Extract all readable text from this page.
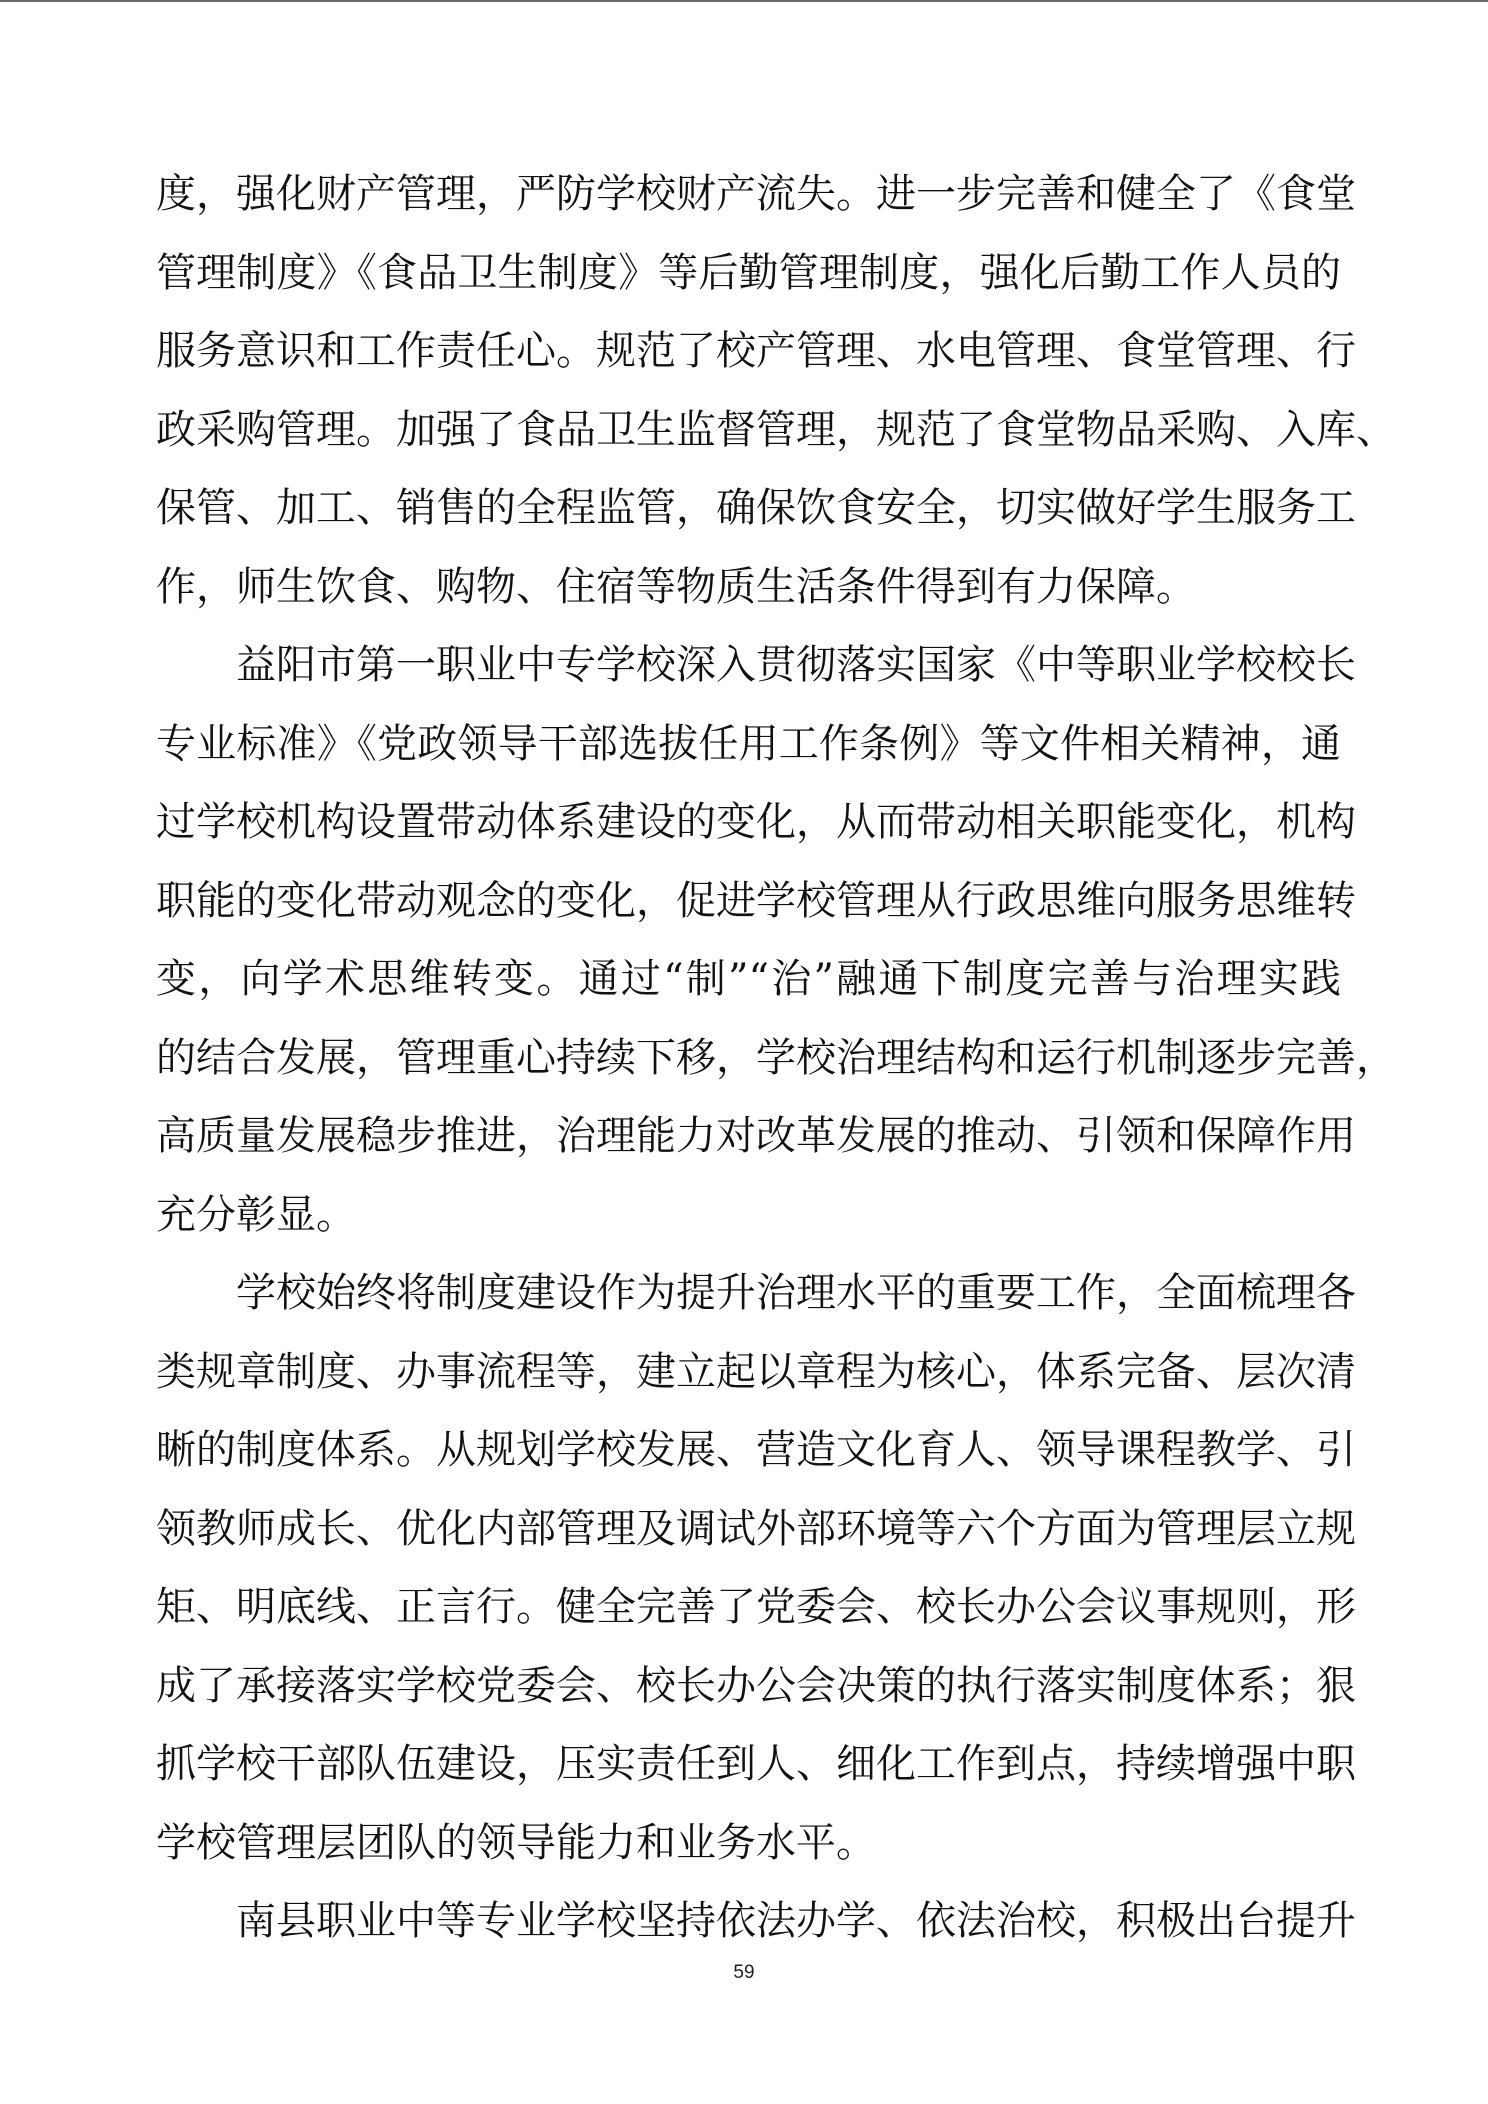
度，强化财产管理，严防学校财产流失。进一步完善和健全了《食堂
管理制度》《食品卫生制度》等后勤管理制度，强化后勤工作人员的
服务意识和工作责任心。规范了校产管理、水电管理、食堂管理、行
政采购管理。加强了食品卫生监督管理，规范了食堂物品采购、入库、
保管、加工、销售的全程监管，确保饮食安全，切实做好学生服务工
作，师生饮食、购物、住宿等物质生活条件得到有力保障。
益阳市第一职业中专学校深入贯彻落实国家《中等职业学校校长
专业标准》《党政领导干部选拔任用工作条例》等文件相关精神，通
过学校机构设置带动体系建设的变化，从而带动相关职能变化，机构
职能的变化带动观念的变化，促进学校管理从行政思维向服务思维转
变，向学术思维转变。通过“制”“治”融通下制度完善与治理实践
的结合发展，管理重心持续下移，学校治理结构和运行机制逐步完善，
高质量发展稳步推进，治理能力对改革发展的推动、引领和保障作用
充分彰显。
学校始终将制度建设作为提升治理水平的重要工作，全面梳理各
类规章制度、办事流程等，建立起以章程为核心，体系完备、层次清
晰的制度体系。从规划学校发展、营造文化育人、领导课程教学、引
领教师成长、优化内部管理及调试外部环境等六个方面为管理层立规
矩、明底线、正言行。健全完善了党委会、校长办公会议事规则，形
成了承接落实学校党委会、校长办公会决策的执行落实制度体系；狠
抓学校干部队伍建设，压实责任到人、细化工作到点，持续增强中职
学校管理层团队的领导能力和业务水平。
南县职业中等专业学校坚持依法办学、依法治校，积极出台提升
59
